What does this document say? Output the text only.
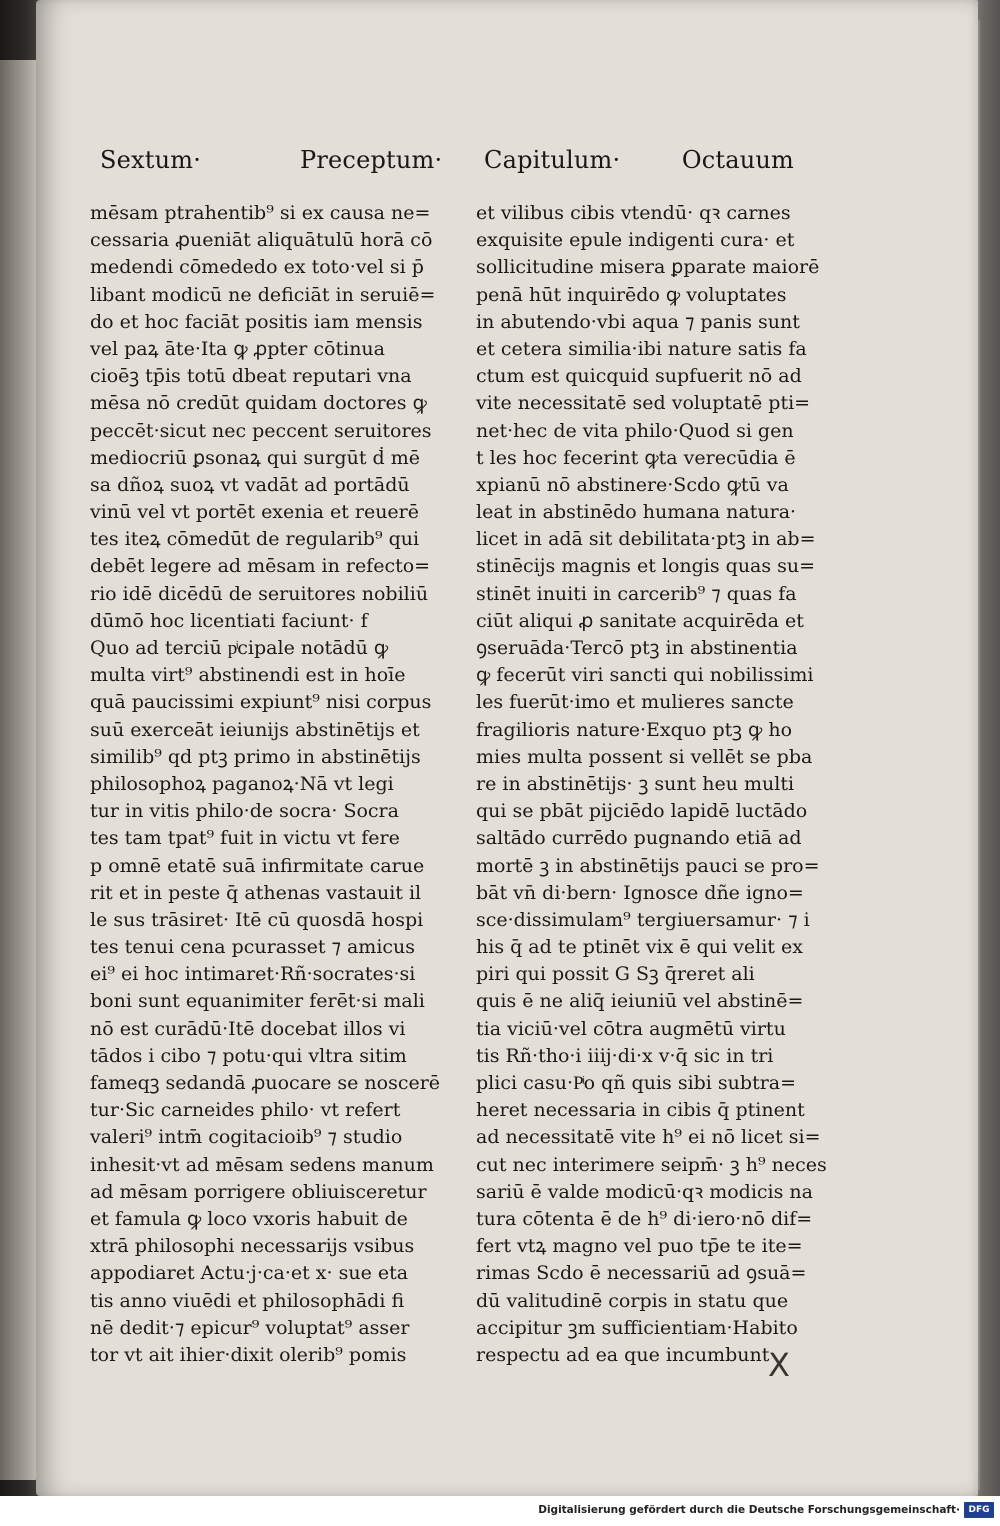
Sextum·	Preceptum· Capitulum·	Octauum
mēsam ptrahentib⁹ si ex causa ne=
cessaria ꝓueniāt aliquātulū horā cō
medendi cōmededo ex toto·vel si p̄
libant modicū ne deficiāt in seruiē=
do et hoc faciāt positis iam mensis
vel paꝝ āte·Ita ꝙ ꝓpter cōtinua
cioēꝫ tp̄is totū dbeat reputari vna
mēsa nō credūt quidam doctores ꝙ
peccēt·sicut nec peccent seruitores
mediocriū ꝑsonaꝝ qui surgūt ḋ mē
sa dñoꝝ suoꝝ vt vadāt ad portādū
vinū vel vt portēt exenia et reuerē
tes iteꝝ cōmedūt de regularib⁹ qui
debēt legere ad mēsam in refecto=
rio idē dicēdū de seruitores nobiliū
dūmō hoc licentiati faciunt· f
Quo ad terciū pͥcipale notādū ꝙ
multa virt⁹ abstinendi est in hoīe
quā paucissimi expiunt⁹ nisi corpus
suū exerceāt ieiunijs abstinētijs et
similib⁹ qd ptꝫ primo in abstinētijs
philosophoꝝ paganoꝝ·Nā vt legi
tur in vitis philo·de socra· Socra
tes tam tpat⁹ fuit in victu vt fere
p omnē etatē suā infirmitate carue
rit et in peste q̄ athenas vastauit il
le sus trāsiret· Itē cū quosdā hospi
tes tenui cena pcurasset ⁊ amicus
ei⁹ ei hoc intimaret·Rñ·socrates·si
boni sunt equanimiter ferēt·si mali
nō est curādū·Itē docebat illos vi
tādos i cibo ⁊ potu·qui vltra sitim
fameqꝫ sedandā ꝓuocare se noscerē
tur·Sic carneides philo· vt refert
valeri⁹ intm̄ cogitacioib⁹ ⁊ studio
inhesit·vt ad mēsam sedens manum
ad mēsam porrigere obliuisceretur
et famula ꝙ loco vxoris habuit de
xtrā philosophi necessarijs vsibus
appodiaret Actu·j·ca·et x· sue eta
tis anno viuēdi et philosophādi fi
nē dedit·⁊ epicur⁹ voluptat⁹ asser
tor vt ait ihier·dixit olerib⁹ pomis
et vilibus cibis vtendū· qꝛ carnes
exquisite epule indigenti cura· et
sollicitudine misera ꝑparate maiorē
penā hūt inquirēdo ꝙ voluptates
in abutendo·vbi aqua ⁊ panis sunt
et cetera similia·ibi nature satis fa
ctum est quicquid supfuerit nō ad
vite necessitatē sed voluptatē pti=
net·hec de vita philo·Quod si gen
t les hoc fecerint ꝙta verecūdia ē
xpianū nō abstinere·Scdo ꝙtū va
leat in abstinēdo humana natura·
licet in adā sit debilitata·ptꝫ in ab=
stinēcijs magnis et longis quas su=
stinēt inuiti in carcerib⁹ ⁊ quas fa
ciūt aliqui ꝓ sanitate acquirēda et
ꝯseruāda·Tercō ptꝫ in abstinentia
ꝙ fecerūt viri sancti qui nobilissimi
les fuerūt·imo et mulieres sancte
fragilioris nature·Exquo ptꝫ ꝙ ho
mies multa possent si vellēt se pba
re in abstinētijs· ꝫ sunt heu multi
qui se pbāt pijciēdo lapidē luctādo
saltādo currēdo pugnando etiā ad
mortē ꝫ in abstinētijs pauci se pro=
bāt vn̄ di·bern· Ignosce dñe igno=
sce·dissimulam⁹ tergiuersamur· ⁊ i
his q̄ ad te ptinēt vix ē qui velit ex
piri qui possit G Sꝫ q̄reret ali
quis ē ne aliq̄ ieiuniū vel abstinē=
tia viciū·vel cōtra augmētū virtu
tis Rñ·tho·i iiij·di·x v·q̄ sic in tri
plici casu·Pͥo qñ quis sibi subtra=
heret necessaria in cibis q̄ ptinent
ad necessitatē vite h⁹ ei nō licet si=
cut nec interimere seipm̄· ꝫ h⁹ neces
sariū ē valde modicū·qꝛ modicis na
tura cōtenta ē de h⁹ di·iero·nō dif=
fert vtꝝ magno vel puo tp̄e te ite=
rimas Scdo ē necessariū ad ꝯsuā=
dū valitudinē corpis in statu que
accipitur ꝫm sufficientiam·Habito
respectu ad ea que incumbunt
X
Digitalisierung gefördert durch die Deutsche Forschungsgemeinschaft· DFG
